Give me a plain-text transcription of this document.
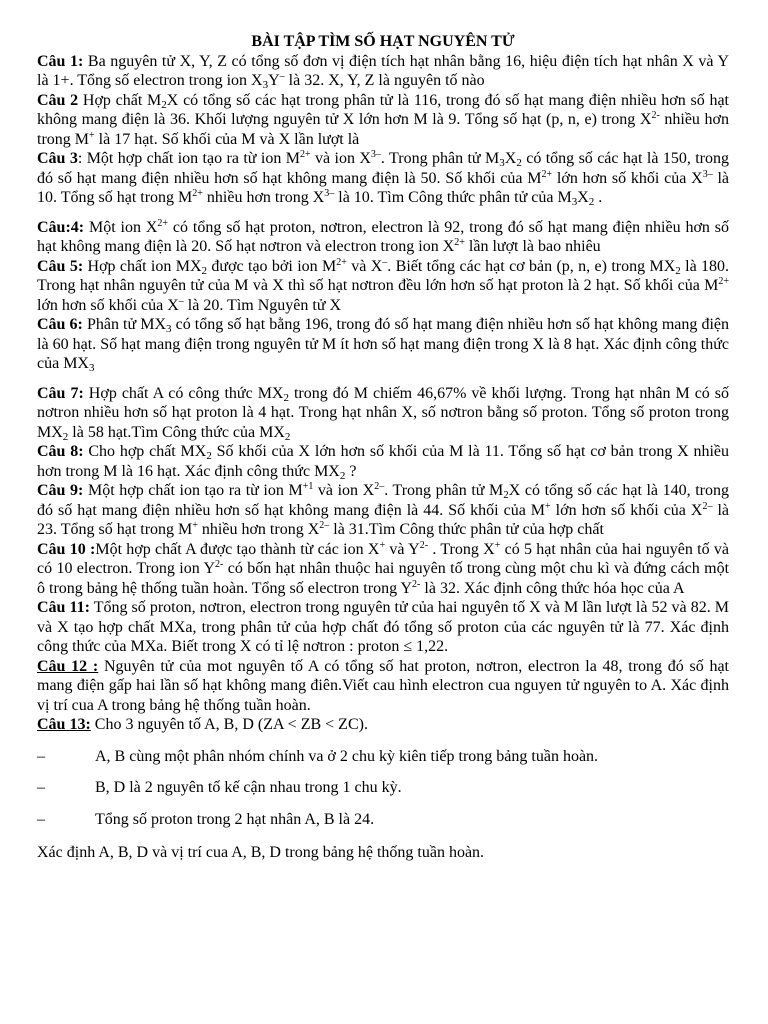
BÀI TẬP TÌM SỐ HẠT NGUYÊN TỬ

Câu 1: Ba nguyên tử X, Y, Z có tổng số đơn vị điện tích hạt nhân bằng 16, hiệu điện tích hạt nhân X và Y là 1+. Tổng số electron trong ion $X_3Y^-$ là 32. X, Y, Z là nguyên tố nào

Câu 2 Hợp chất $M_2X$ có tổng số các hạt trong phân tử là 116, trong đó số hạt mang điện nhiều hơn số hạt không mang điện là 36. Khối lượng nguyên tử X lớn hơn M là 9. Tổng số hạt (p, n, e) trong $X^{2-}$ nhiều hơn trong M+ là 17 hạt. Số khối của M và X lần lượt là

Câu 3: Một hợp chất ion tạo ra từ ion $M^{2+}$ và ion $X^{3-}$. Trong phân tử $M_3X_2$ có tổng số các hạt là 150, trong đó số hạt mang điện nhiều hơn số hạt không mang điện là 50. Số khối của $M^{2+}$ lớn hơn số khối của $X^{3-}$ là 10. Tổng số hạt trong $M^{2+}$ nhiều hơn trong $X^{3-}$ là 10. Tìm Công thức phân tử của $M_3X_2$ .

Câu:4: Một ion $X^{2+}$ có tổng số hạt proton, nơtron, electron là 92, trong đó số hạt mang điện nhiều hơn số hạt không mang điện là 20. Số hạt nơtron và electron trong ion $X^{2+}$ lần lượt là bao nhiêu

Câu 5: Hợp chất ion $MX_2$ được tạo bởi ion $M^{2+}$ và X–. Biết tổng các hạt cơ bản (p, n, e) trong $MX_2$ là 180. Trong hạt nhân nguyên tử của M và X thì số hạt nơtron đều lớn hơn số hạt proton là 2 hạt. Số khối của $M^{2+}$ lớn hơn số khối của X– là 20. Tìm Nguyên tử X

Câu 6: Phân tử $MX_3$ có tổng số hạt bằng 196, trong đó số hạt mang điện nhiều hơn số hạt không mang điện là 60 hạt. Số hạt mang điện trong nguyên tử M ít hơn số hạt mang điện trong X là 8 hạt. Xác định công thức của $MX_3$

Câu 7: Hợp chất A có công thức $MX_2$ trong đó M chiếm 46,67% về khối lượng. Trong hạt nhân M có số nơtron nhiều hơn số hạt proton là 4 hạt. Trong hạt nhân X, số nơtron bằng số proton. Tổng số proton trong $MX_2$ là 58 hạt.Tìm Công thức của $MX_2$

Câu 8: Cho hợp chất $MX_2$ Số khối của X lớn hơn số khối của M là 11. Tổng số hạt cơ bản trong X nhiều hơn trong M là 16 hạt. Xác định công thức $MX_2$ ?

Câu 9: Một hợp chất ion tạo ra từ ion $M^{+1}$ và ion $X^{2-}$. Trong phân tử $M_2X$ có tổng số các hạt là 140, trong đó số hạt mang điện nhiều hơn số hạt không mang điện là 44. Số khối của M+ lớn hơn số khối của $X^{2-}$ là 23. Tổng số hạt trong M+ nhiều hơn trong $X^{2-}$ là 31.Tìm Công thức phân tử của hợp chất

Câu 10 :Một hợp chất A được tạo thành từ các ion X+ và $Y^{2-}$ . Trong X+ có 5 hạt nhân của hai nguyên tố và có 10 electron. Trong ion $Y^{2-}$ có bốn hạt nhân thuộc hai nguyên tố trong cùng một chu kì và đứng cách một ô trong bảng hệ thống tuần hoàn. Tổng số electron trong $Y^{2-}$ là 32. Xác định công thức hóa học của A

Câu 11: Tổng số proton, nơtron, electron trong nguyên tử của hai nguyên tố X và M lần lượt là 52 và 82. M và X tạo hợp chất MXa, trong phân tử của hợp chất đó tổng số proton của các nguyên tử là 77. Xác định công thức của MXa. Biết trong X có tỉ lệ nơtron : proton ≤ 1,22.

Câu 12 : Nguyên tử của mot nguyên tố A có tổng số hat proton, nơtron, electron la 48, trong đó số hạt mang điện gấp hai lần số hạt không mang điên.Viết cau hình electron cua nguyen tử nguyên to A. Xác định vị trí cua A trong bảng hệ thống tuần hoàn.

Câu 13: Cho 3 nguyên tố A, B, D (ZA < ZB < ZC).

–	A, B cùng một phân nhóm chính va ở 2 chu kỳ kiên tiếp trong bảng tuần hoàn.
–	B, D là 2 nguyên tố kế cận nhau trong 1 chu kỳ.
–	Tổng số proton trong 2 hạt nhân A, B là 24.

Xác định A, B, D và vị trí cua A, B, D trong bảng hệ thống tuần hoàn.
